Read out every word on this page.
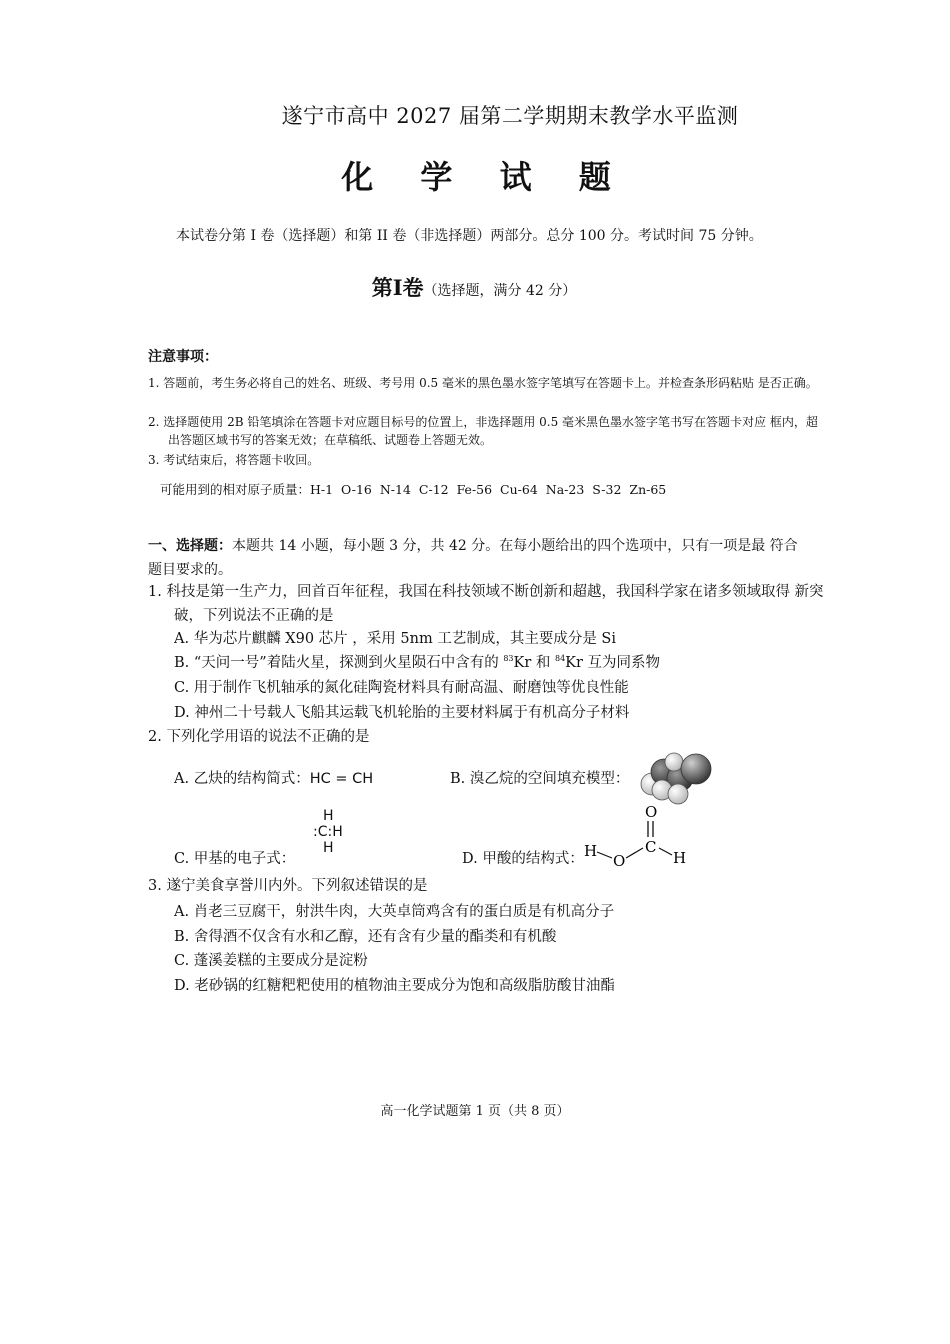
遂宁市高中 2027 届第二学期期末教学水平监测
化 学 试 题
本试卷分第 I 卷（选择题）和第 II 卷（非选择题）两部分。总分 100 分。考试时间 75 分钟。
第Ⅰ卷（选择题，满分 42 分）
注意事项：
1. 答题前，考生务必将自己的姓名、班级、考号用 0.5 毫米的黑色墨水签字笔填写在答题卡上。并检查条形码粘贴 是否正确。
2. 选择题使用 2B 铅笔填涂在答题卡对应题目标号的位置上，非选择题用 0.5 毫米黑色墨水签字笔书写在答题卡对应 框内，超出答题区域书写的答案无效；在草稿纸、试题卷上答题无效。
3. 考试结束后，将答题卡收回。
可能用到的相对原子质量：H-1 O-16 N-14 C-12 Fe-56 Cu-64 Na-23 S-32 Zn-65
一、选择题：本题共 14 小题，每小题 3 分，共 42 分。在每小题给出的四个选项中，只有一项是最 符合题目要求的。
1. 科技是第一生产力，回首百年征程，我国在科技领域不断创新和超越，我国科学家在诸多领域取得 新突破，下列说法不正确的是
A. 华为芯片麒麟 X90 芯片 ，采用 5nm 工艺制成，其主要成分是 Si
B. “天问一号”着陆火星，探测到火星陨石中含有的 $^{83}$Kr 和 $^{84}$Kr 互为同系物
C. 用于制作飞机轴承的氮化硅陶瓷材料具有耐高温、耐磨蚀等优良性能
D. 神州二十号载人飞船其运载飞机轮胎的主要材料属于有机高分子材料
2. 下列化学用语的说法不正确的是
A. 乙炔的结构简式：HC = CH	B. 溴乙烷的空间填充模型：
C. 甲基的电子式：
H
:C:H
H
D. 甲酸的结构式：
O
C
H
O	H
3. 遂宁美食享誉川内外。下列叙述错误的是
A. 肖老三豆腐干，射洪牛肉，大英卓筒鸡含有的蛋白质是有机高分子
B. 舍得酒不仅含有水和乙醇，还有含有少量的酯类和有机酸
C. 蓬溪姜糕的主要成分是淀粉
D. 老砂锅的红糖粑粑使用的植物油主要成分为饱和高级脂肪酸甘油酯
高一化学试题第 1 页（共 8 页）
